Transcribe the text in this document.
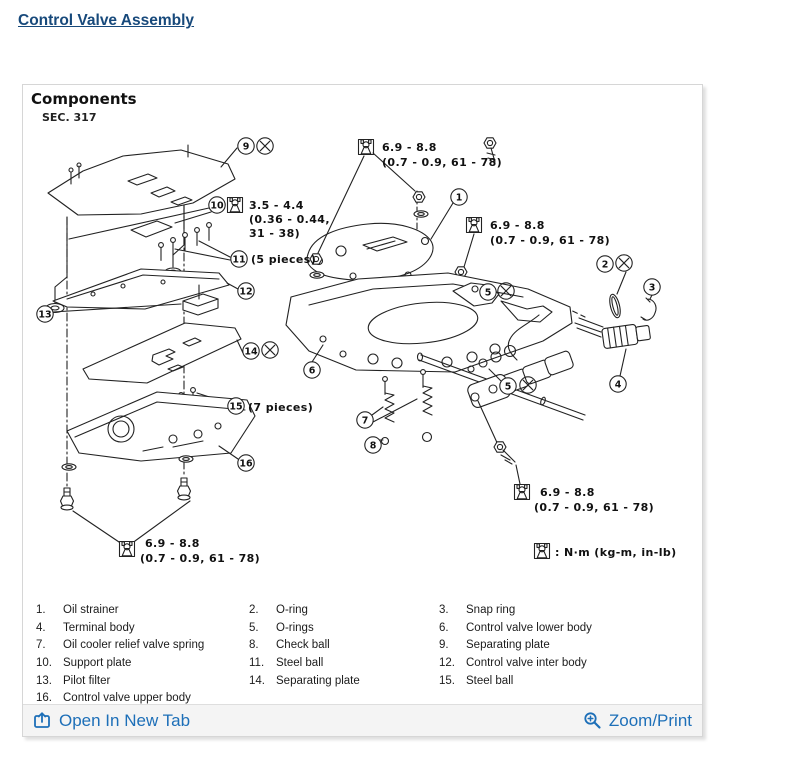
Control Valve Assembly
Components
SEC. 317
6.9 - 8.8
(0.7 - 0.9, 61 - 78)
3.5 - 4.4
(0.36 - 0.44,
31 - 38)
6.9 - 8.8
(0.7 - 0.9, 61 - 78)
6.9 - 8.8
(0.7 - 0.9, 61 - 78)
6.9 - 8.8
(0.7 - 0.9, 61 - 78)
(5 pieces)
(7 pieces)
: N·m (kg-m, in-lb)
1
2
3
4
5
5
6
7
8
9
10
11
12
13
14
15
16
1. Oil strainer	2. O-ring	3. Snap ring
4. Terminal body	5. O-rings	6. Control valve lower body
7. Oil cooler relief valve spring	8. Check ball	9. Separating plate
10. Support plate	11. Steel ball	12. Control valve inter body
13. Pilot filter	14. Separating plate	15. Steel ball
16. Control valve upper body
Open In New Tab	Zoom/Print
